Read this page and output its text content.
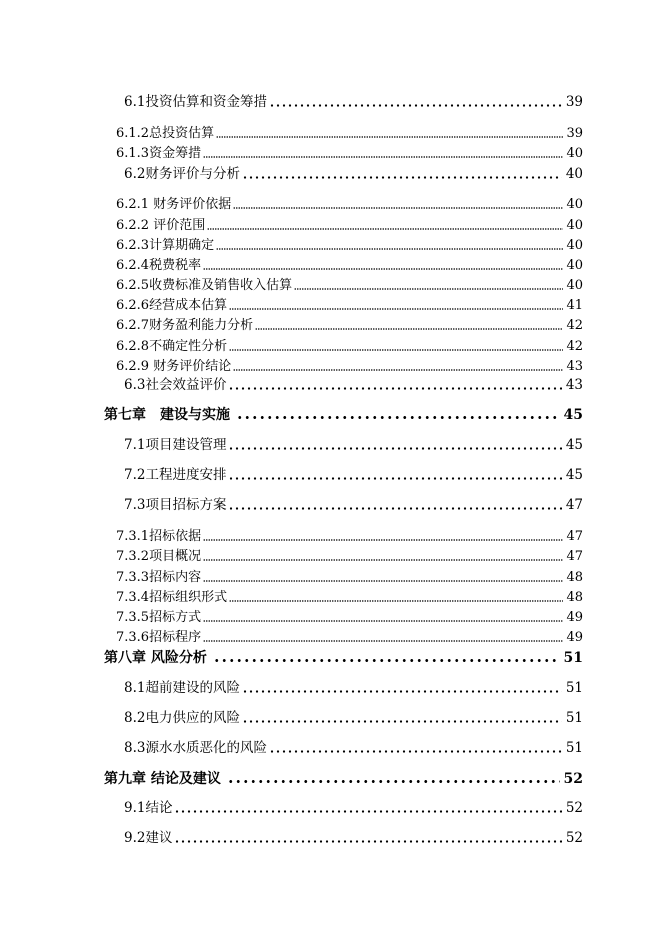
6.1投资估算和资金筹措	39
6.1.2总投资估算	39
6.1.3资金筹措	40
6.2财务评价与分析	40
6.2.1 财务评价依据	40
6.2.2 评价范围	40
6.2.3计算期确定	40
6.2.4税费税率	40
6.2.5收费标准及销售收入估算	40
6.2.6经营成本估算	41
6.2.7财务盈利能力分析	42
6.2.8不确定性分析	42
6.2.9 财务评价结论	43
6.3社会效益评价	43
第七章　建设与实施	45
7.1项目建设管理	45
7.2工程进度安排	45
7.3项目招标方案	47
7.3.1招标依据	47
7.3.2项目概况	47
7.3.3招标内容	48
7.3.4招标组织形式	48
7.3.5招标方式	49
7.3.6招标程序	49
第八章 风险分析	51
8.1超前建设的风险	51
8.2电力供应的风险	51
8.3源水水质恶化的风险	51
第九章 结论及建议	52
9.1结论	52
9.2建议	52
